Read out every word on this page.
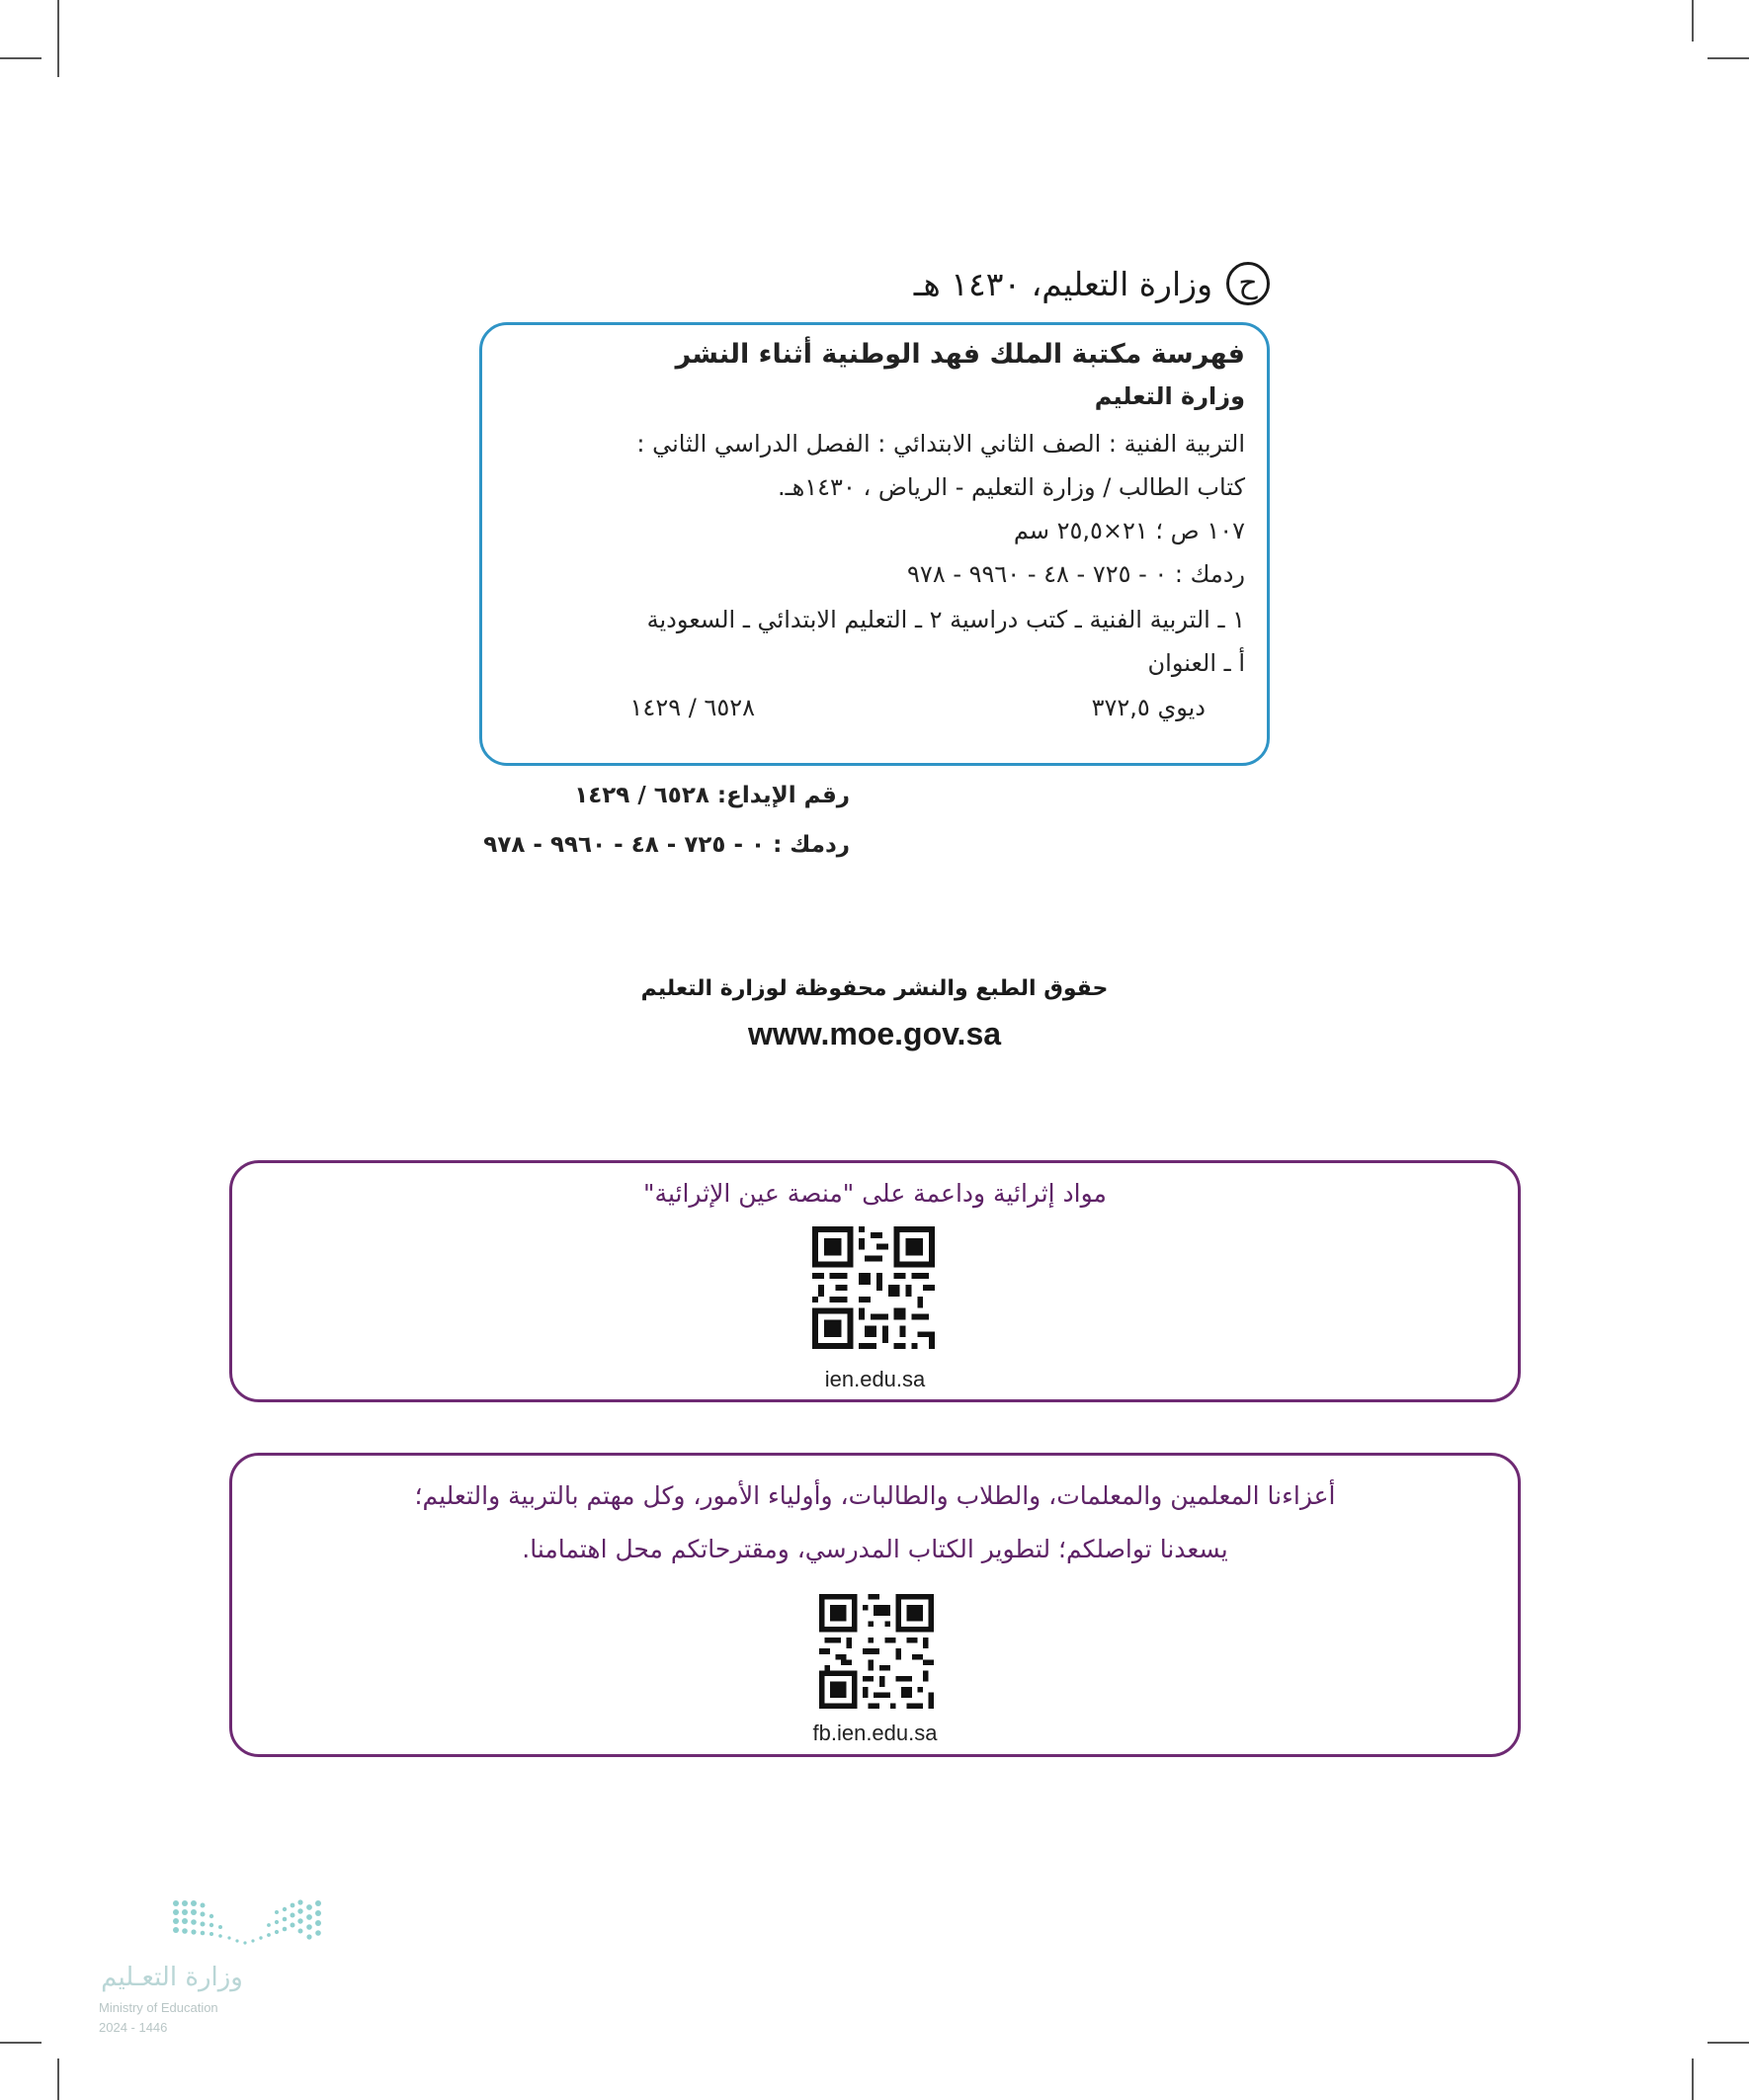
ح
وزارة التعليم، ١٤٣٠ هـ
فهرسة مكتبة الملك فهد الوطنية أثناء النشر
وزارة التعليم
التربية الفنية : الصف الثاني الابتدائي : الفصل الدراسي الثاني :
كتاب الطالب / وزارة التعليم - الرياض ، ١٤٣٠هـ.
١٠٧ ص ؛ ٢١×٢٥,٥ سم
ردمك : ٠ - ٧٢٥ - ٤٨ - ٩٩٦٠ - ٩٧٨
١ ـ التربية الفنية ـ كتب دراسية ٢ ـ التعليم الابتدائي ـ السعودية
أ ـ العنوان
ديوي ٣٧٢,٥
٦٥٢٨ / ١٤٢٩
رقم الإيداع: ٦٥٢٨ / ١٤٢٩
ردمك : ٠ - ٧٢٥ - ٤٨ - ٩٩٦٠ - ٩٧٨
حقوق الطبع والنشر محفوظة لوزارة التعليم
www.moe.gov.sa
مواد إثرائية وداعمة على "منصة عين الإثرائية"
ien.edu.sa
أعزاءنا المعلمين والمعلمات، والطلاب والطالبات، وأولياء الأمور، وكل مهتم بالتربية والتعليم؛
يسعدنا تواصلكم؛ لتطوير الكتاب المدرسي، ومقترحاتكم محل اهتمامنا.
fb.ien.edu.sa
وزارة التعـليم
Ministry of Education
2024 - 1446
